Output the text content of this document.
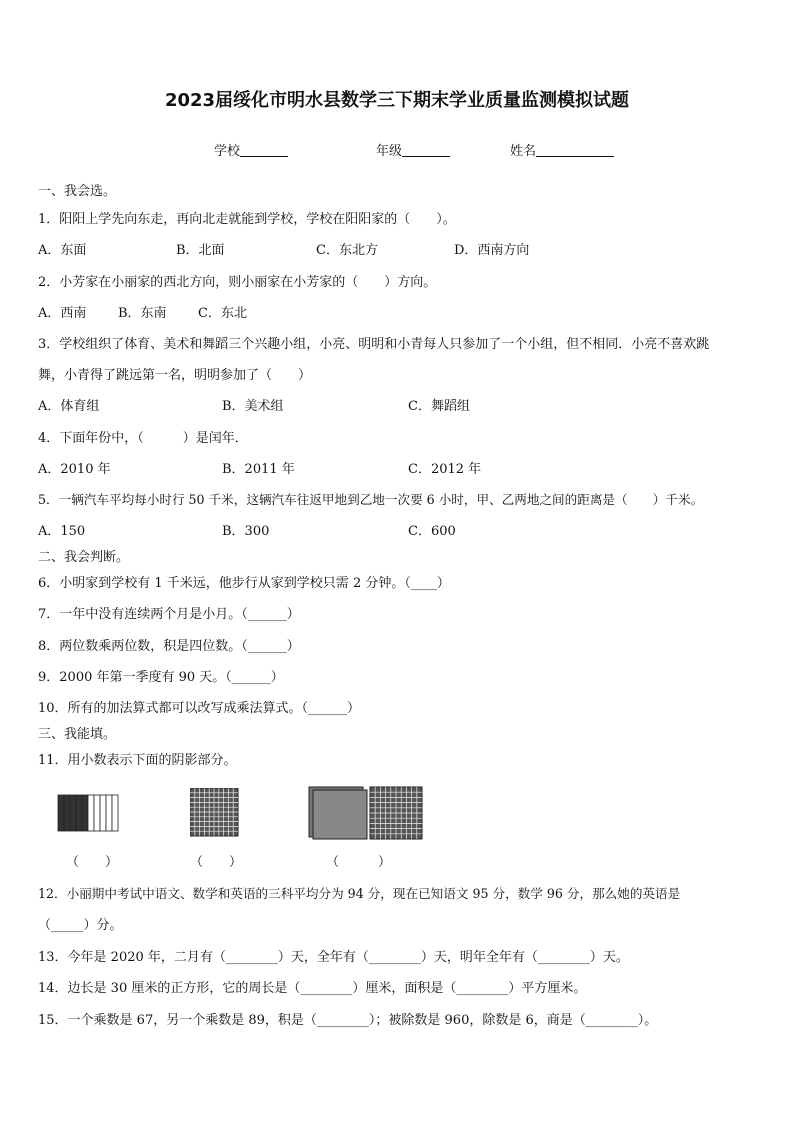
2023届绥化市明水县数学三下期末学业质量监测模拟试题
学校	年级	姓名
一、我会选。
1．阳阳上学先向东走，再向北走就能到学校，学校在阳阳家的（　　）。
A．东面	B．北面	C．东北方	D．西南方向
2．小芳家在小丽家的西北方向，则小丽家在小芳家的（　　）方向。
A．西南 B．东南 C．东北
3．学校组织了体育、美术和舞蹈三个兴趣小组，小亮、明明和小青每人只参加了一个小组，但不相同．小亮不喜欢跳
舞，小青得了跳远第一名，明明参加了（　　）
A．体育组	B．美术组	C．舞蹈组
4．下面年份中，（　　　）是闰年．
A．2010 年	B．2011 年	C．2012 年
5．一辆汽车平均每小时行 50 千米，这辆汽车往返甲地到乙地一次要 6 小时，甲、乙两地之间的距离是（　　）千米。
A．150	B．300	C．600
二、我会判断。
6．小明家到学校有 1 千米远，他步行从家到学校只需 2 分钟。（____）
7．一年中没有连续两个月是小月。（______）
8．两位数乘两位数，积是四位数。（______）
9．2000 年第一季度有 90 天。（______）
10．所有的加法算式都可以改写成乘法算式。（______）
三、我能填。
11．用小数表示下面的阴影部分。
（　　）	（　　）	（　　　）
12．小丽期中考试中语文、数学和英语的三科平均分为 94 分，现在已知语文 95 分，数学 96 分，那么她的英语是
（_____）分。
13．今年是 2020 年，二月有（________）天，全年有（________）天，明年全年有（________）天。
14．边长是 30 厘米的正方形，它的周长是（________）厘米，面积是（________）平方厘米。
15．一个乘数是 67，另一个乘数是 89，积是（________）；被除数是 960，除数是 6，商是（________）。
